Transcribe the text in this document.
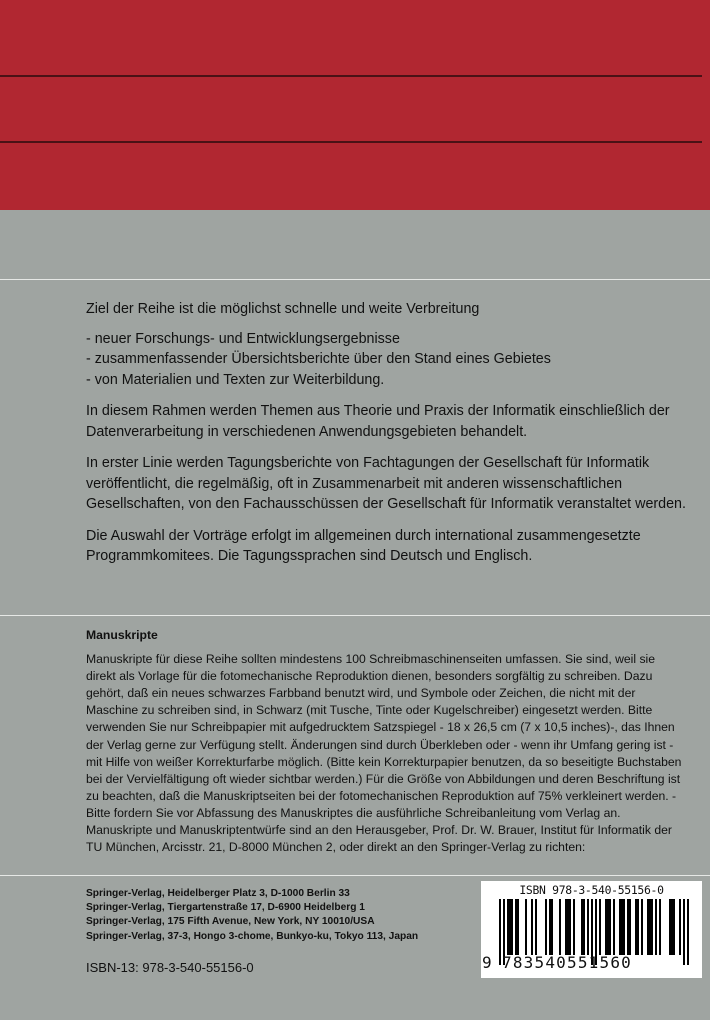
Ziel der Reihe ist die möglichst schnelle und weite Verbreitung

- neuer Forschungs- und Entwicklungsergebnisse
- zusammenfassender Übersichtsberichte über den Stand eines Gebietes
- von Materialien und Texten zur Weiterbildung.

In diesem Rahmen werden Themen aus Theorie und Praxis der Informatik einschließlich der Datenverarbeitung in verschiedenen Anwendungsgebieten behandelt.

In erster Linie werden Tagungsberichte von Fachtagungen der Gesellschaft für Informatik veröffentlicht, die regelmäßig, oft in Zusammenarbeit mit anderen wissenschaftlichen Gesellschaften, von den Fachausschüssen der Gesellschaft für Informatik veranstaltet werden.

Die Auswahl der Vorträge erfolgt im allgemeinen durch international zusammengesetzte Programmkomitees. Die Tagungssprachen sind Deutsch und Englisch.

Manuskripte

Manuskripte für diese Reihe sollten mindestens 100 Schreibmaschinenseiten umfassen. Sie sind, weil sie direkt als Vorlage für die fotomechanische Reproduktion dienen, besonders sorgfältig zu schreiben. Dazu gehört, daß ein neues schwarzes Farbband benutzt wird, und Symbole oder Zeichen, die nicht mit der Maschine zu schreiben sind, in Schwarz (mit Tusche, Tinte oder Kugelschreiber) eingesetzt werden. Bitte verwenden Sie nur Schreibpapier mit aufgedrucktem Satzspiegel - 18 x 26,5 cm (7 x 10,5 inches)-, das Ihnen der Verlag gerne zur Verfügung stellt. Änderungen sind durch Überkleben oder - wenn ihr Umfang gering ist - mit Hilfe von weißer Korrekturfarbe möglich. (Bitte kein Korrekturpapier benutzen, da so beseitigte Buchstaben bei der Vervielfältigung oft wieder sichtbar werden.) Für die Größe von Abbildungen und deren Beschriftung ist zu beachten, daß die Manuskriptseiten bei der fotomechanischen Reproduktion auf 75% verkleinert werden. - Bitte fordern Sie vor Abfassung des Manuskriptes die ausführliche Schreibanleitung vom Verlag an. Manuskripte und Manuskriptentwürfe sind an den Herausgeber, Prof. Dr. W. Brauer, Institut für Informatik der TU München, Arcisstr. 21, D-8000 München 2, oder direkt an den Springer-Verlag zu richten:

Springer-Verlag, Heidelberger Platz 3, D-1000 Berlin 33
Springer-Verlag, Tiergartenstraße 17, D-6900 Heidelberg 1
Springer-Verlag, 175 Fifth Avenue, New York, NY 10010/USA
Springer-Verlag, 37-3, Hongo 3-chome, Bunkyo-ku, Tokyo 113, Japan
ISBN-13: 978-3-540-55156-0
ISBN 978-3-540-55156-0
9 783540551560
